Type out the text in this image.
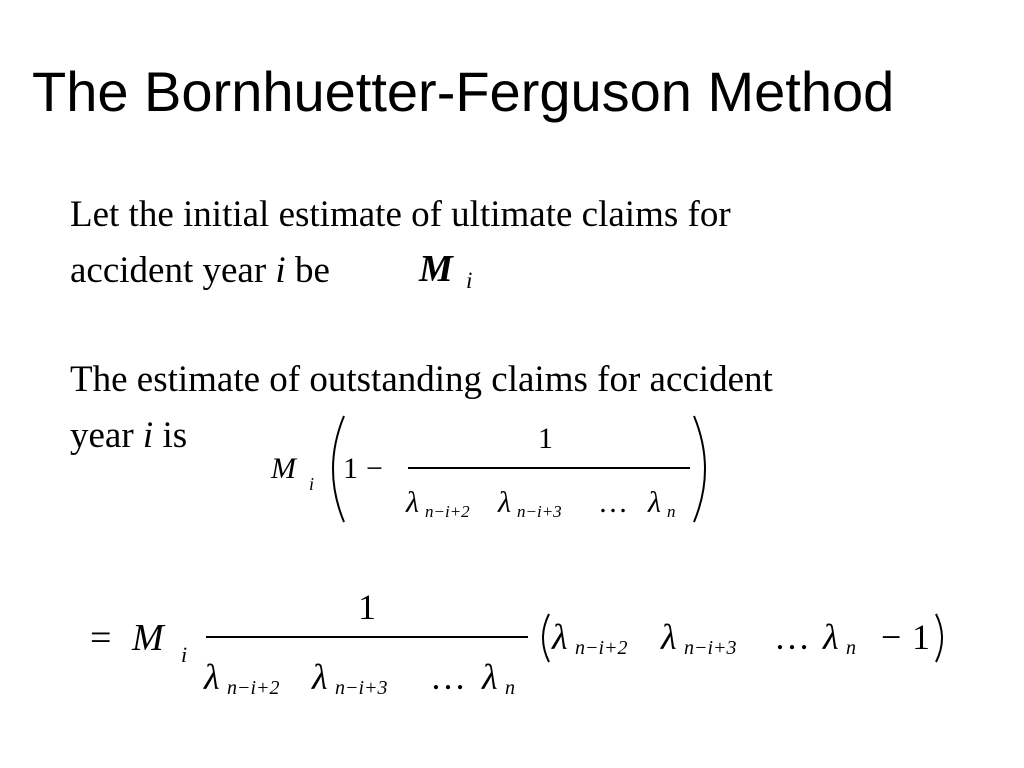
The Bornhuetter-Ferguson Method
Let the initial estimate of ultimate claims for
accident year i be	M i
The estimate of outstanding claims for accident
year i is
M i 1 −
1
λ n−i+2 λ n−i+3 … λ n
= M i
1
λ n−i+2 λ n−i+3 … λ n
λ n−i+2 λ n−i+3 … λ n − 1
